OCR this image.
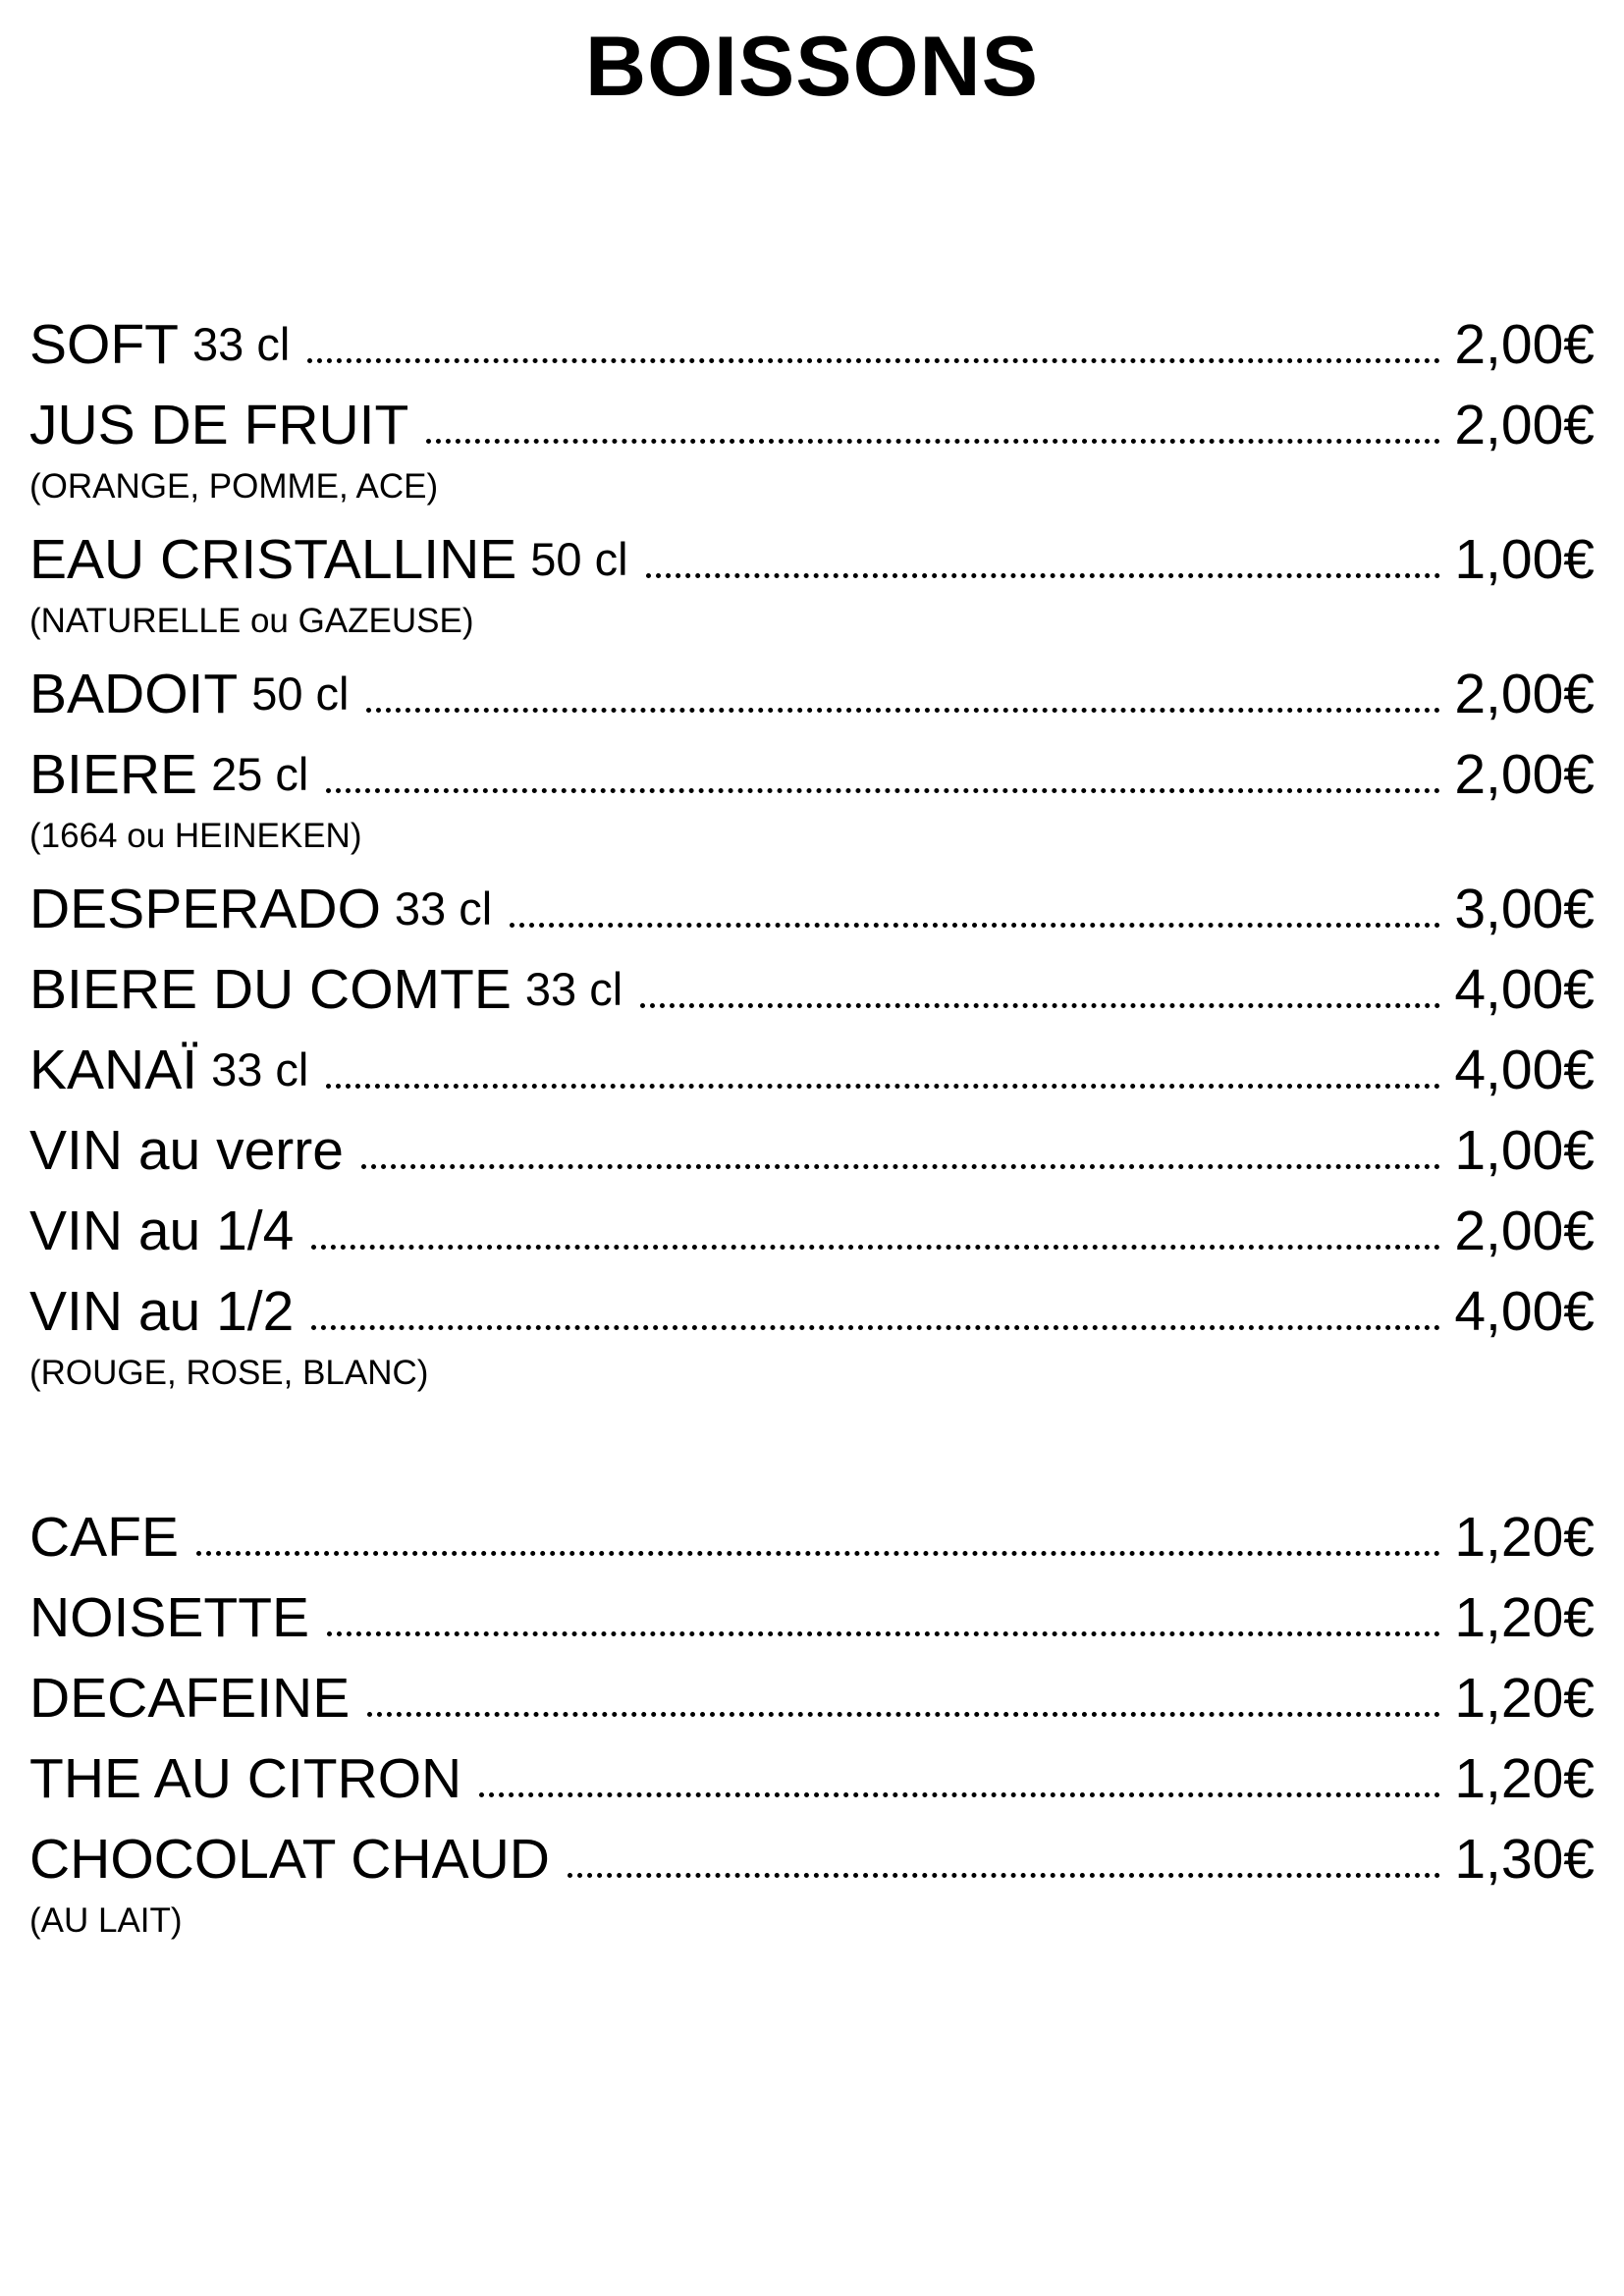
BOISSONS
SOFT 33 cl	2,00€
JUS DE FRUIT	2,00€
(ORANGE, POMME, ACE)
EAU CRISTALLINE 50 cl	1,00€
(NATURELLE ou GAZEUSE)
BADOIT 50 cl	2,00€
BIERE 25 cl	2,00€
(1664 ou HEINEKEN)
DESPERADO 33 cl	3,00€
BIERE DU COMTE 33 cl	4,00€
KANAÏ 33 cl	4,00€
VIN au verre	1,00€
VIN au 1/4	2,00€
VIN au 1/2	4,00€
(ROUGE, ROSE, BLANC)
CAFE	1,20€
NOISETTE	1,20€
DECAFEINE	1,20€
THE AU CITRON	1,20€
CHOCOLAT CHAUD	1,30€
(AU LAIT)
